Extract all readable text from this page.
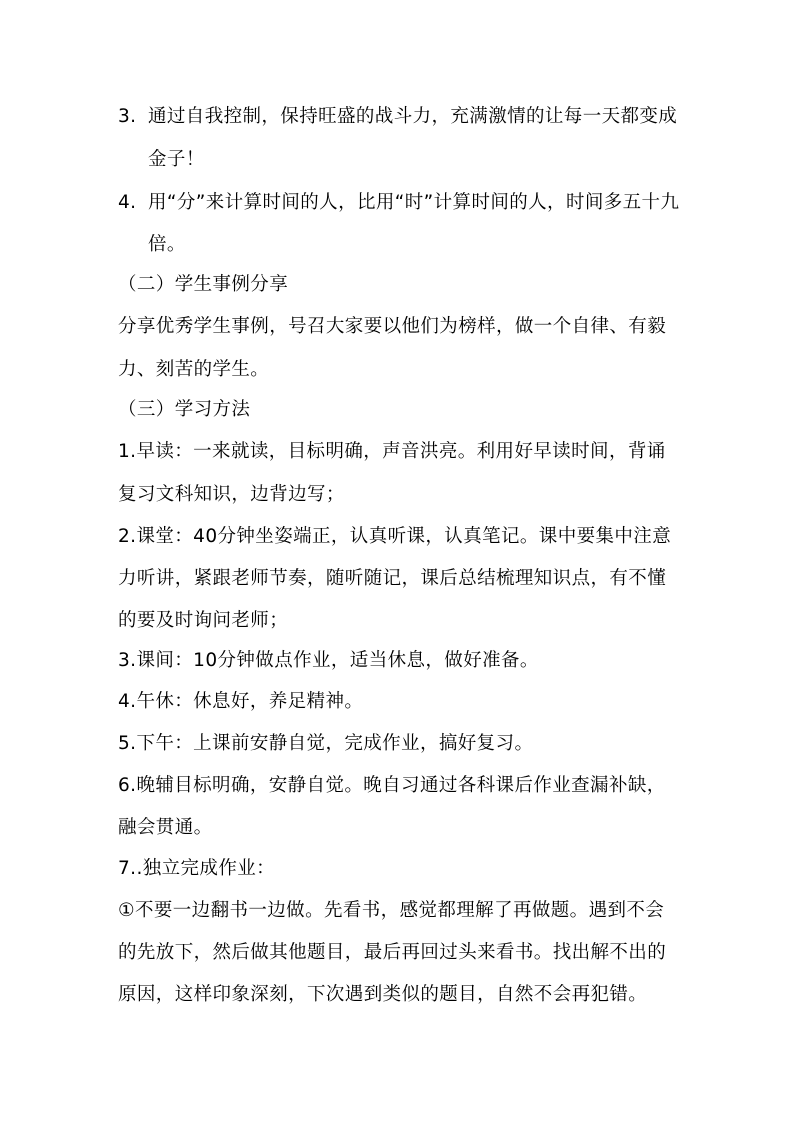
3. 通过自我控制，保持旺盛的战斗力，充满激情的让每一天都变成
金子！
4. 用“分”来计算时间的人，比用“时”计算时间的人，时间多五十九
倍。
（二）学生事例分享
分享优秀学生事例，号召大家要以他们为榜样，做一个自律、有毅
力、刻苦的学生。
（三）学习方法
1.早读：一来就读，目标明确，声音洪亮。利用好早读时间，背诵
复习文科知识，边背边写；
2.课堂：40分钟坐姿端正，认真听课，认真笔记。课中要集中注意
力听讲，紧跟老师节奏，随听随记，课后总结梳理知识点，有不懂
的要及时询问老师；
3.课间：10分钟做点作业，适当休息，做好准备。
4.午休：休息好，养足精神。
5.下午：上课前安静自觉，完成作业，搞好复习。
6.晚辅目标明确，安静自觉。晚自习通过各科课后作业查漏补缺，
融会贯通。
7..独立完成作业：
①不要一边翻书一边做。先看书，感觉都理解了再做题。遇到不会
的先放下，然后做其他题目，最后再回过头来看书。找出解不出的
原因，这样印象深刻，下次遇到类似的题目，自然不会再犯错。
